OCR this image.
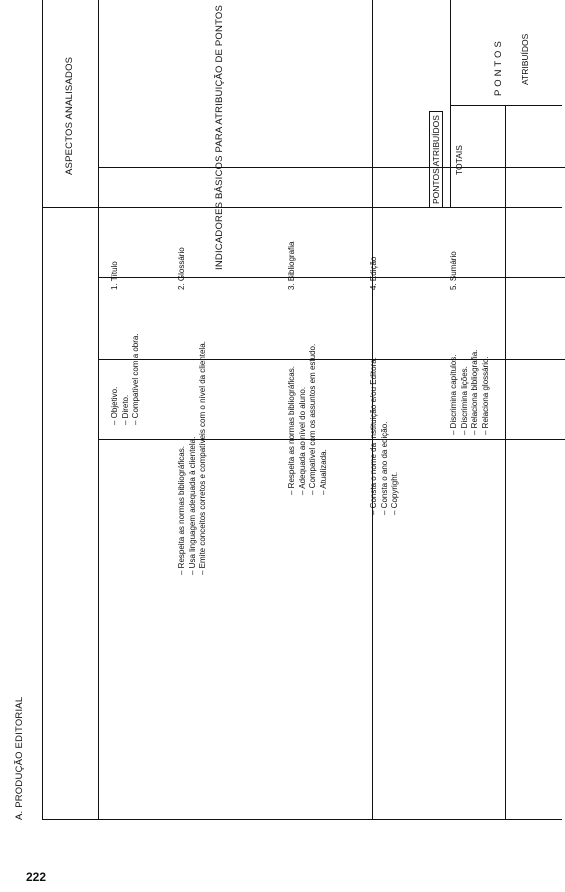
A. PRODUÇÃO EDITORIAL
PONTOS ATRIBUÍDOS
ASPECTOS ANALISADOS	INDICADORES BÁSICOS PARA ATRIBUIÇÃO DE PONTOS	P O N T O S
TOTAIS
ATRIBUÍDOS
1. Título
– Objetivo. – Direto. – Compatível com a obra.
2. Glossário
– Respeita as normas bibliográficas. – Usa linguagem adequada à clientela. – Emite conceitos corretos e compatíveis com o nível da clientela.
3. Bibliografia
– Respeita as normas bibliográficas. – Adequada ao nível do aluno. – Compatível com os assuntos em estudo. – Atualizada.
4. Edição
– Consta o nome da Instituição e/ou Editora. – Consta o ano da edição. – Copyright.
5. Sumário
– Discrimina capítulos. – Discrimina lições. – Relaciona bibliografia. – Relaciona glossário.
222
